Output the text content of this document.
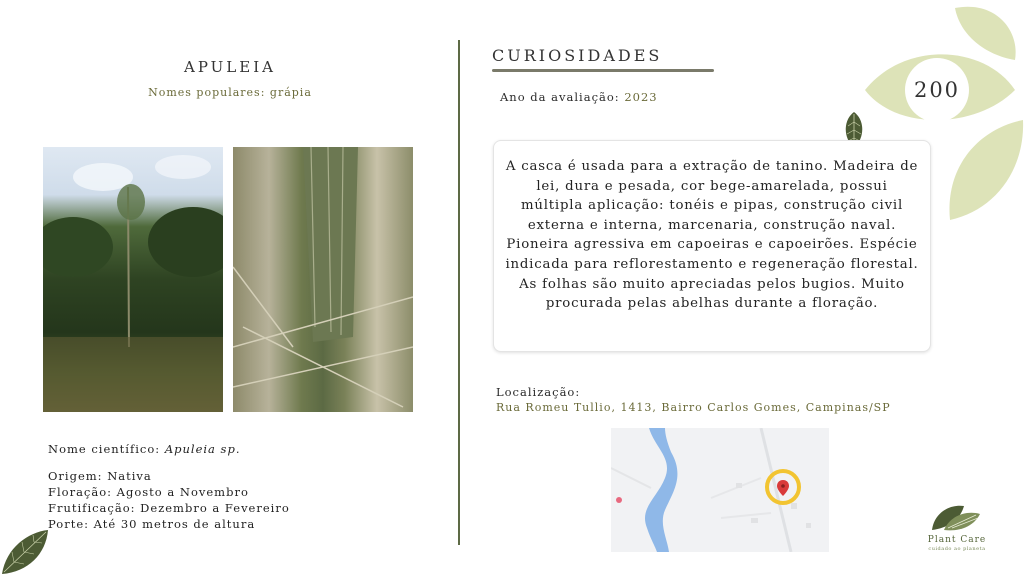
200
APULEIA
Nomes populares: grápia
Nome científico: Apuleia sp.
Origem: Nativa
Floração: Agosto a Novembro
Frutificação: Dezembro a Fevereiro
Porte: Até 30 metros de altura
CURIOSIDADES
Ano da avaliação: 2023

A casca é usada para a extração de tanino. Madeira de lei, dura e pesada, cor bege-amarelada, possui múltipla aplicação: tonéis e pipas, construção civil externa e interna, marcenaria, construção naval. Pioneira agressiva em capoeiras e capoeirões. Espécie indicada para reflorestamento e regeneração florestal. As folhas são muito apreciadas pelos bugios. Muito procurada pelas abelhas durante a floração.

Localização:
Rua Romeu Tullio, 1413, Bairro Carlos Gomes, Campinas/SP
Plant Care
cuidado ao planeta
